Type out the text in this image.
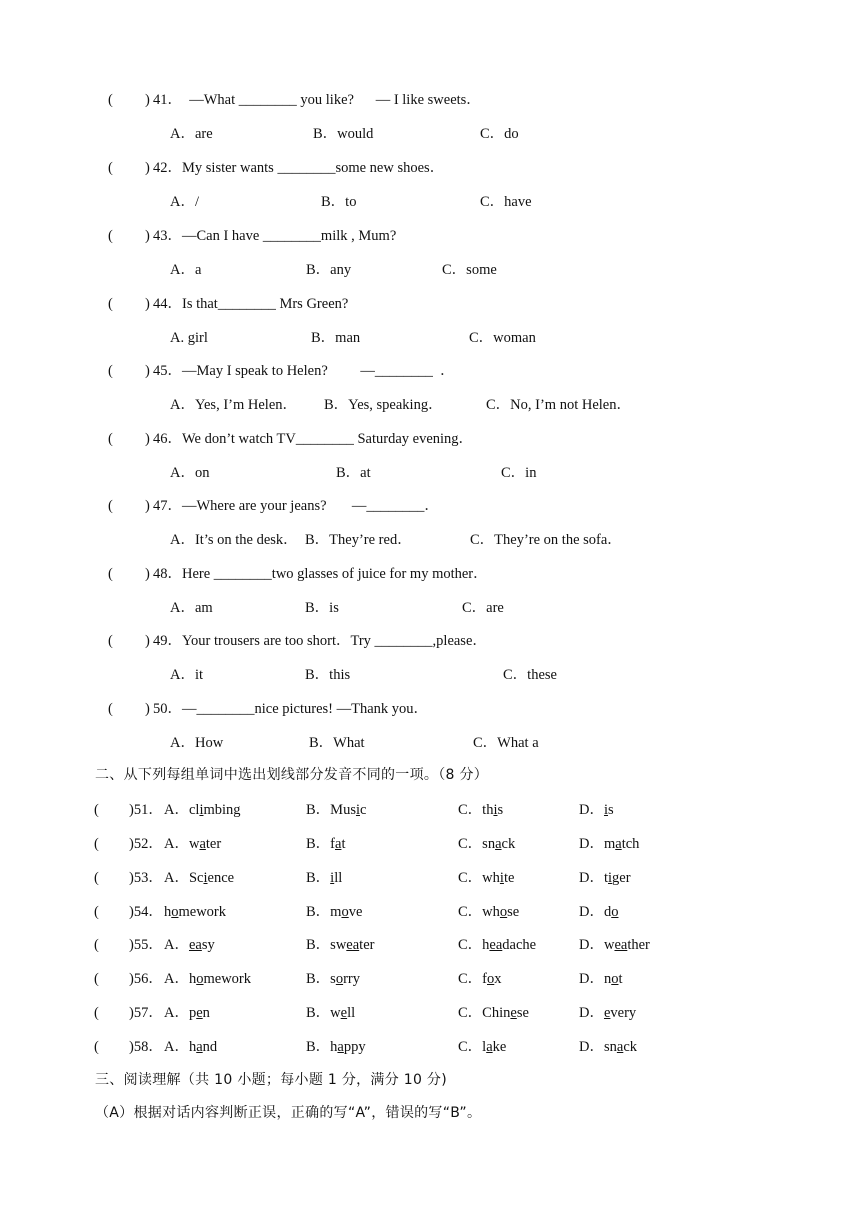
( ) 41．  —What ________ you like?      — I like sweets．
A．are	B．would	C．do
( ) 42．My sister wants ________some new shoes．
A．/	B．to	C．have
( ) 43．—Can I have ________milk , Mum?
A．a	B．any	C．some
( ) 44．Is that________ Mrs Green?
A. girl	B．man	C．woman
( ) 45．—May I speak to Helen?         —________  ．
A．Yes, I’m Helen． B．Yes, speaking．	C．No, I’m not Helen．
( ) 46．We don’t watch TV________ Saturday evening．
A．on	B．at	C．in
( ) 47．—Where are your jeans?       —________．
A．It’s on the desk． B．They’re red．	C．They’re on the sofa．
( ) 48．Here ________two glasses of juice for my mother．
A．am	B．is	C．are
( ) 49．Your trousers are too short．Try ________,please．
A．it	B．this	C．these
( ) 50．—________nice pictures! —Thank you．
A．How	B．What	C．What a
二、从下列每组单词中选出划线部分发音不同的一项。（8 分）
( )51． A．climbing	B．Music	C．this	D．is
( )52． A．water	B．fat	C．snack	D．match
( )53． A．Science	B．ill	C．white	D．tiger
( )54． homework	B．move	C．whose	D．do
( )55． A．easy	B．sweater	C．headache	D．weather
( )56． A．homework	B．sorry	C．fox	D．not
( )57． A．pen	B．well	C．Chinese	D．every
( )58． A．hand	B．happy	C．lake	D．snack
三、阅读理解（共 10 小题；每小题 1 分，满分 10 分)
（A）根据对话内容判断正误，正确的写“A”，错误的写“B”。
